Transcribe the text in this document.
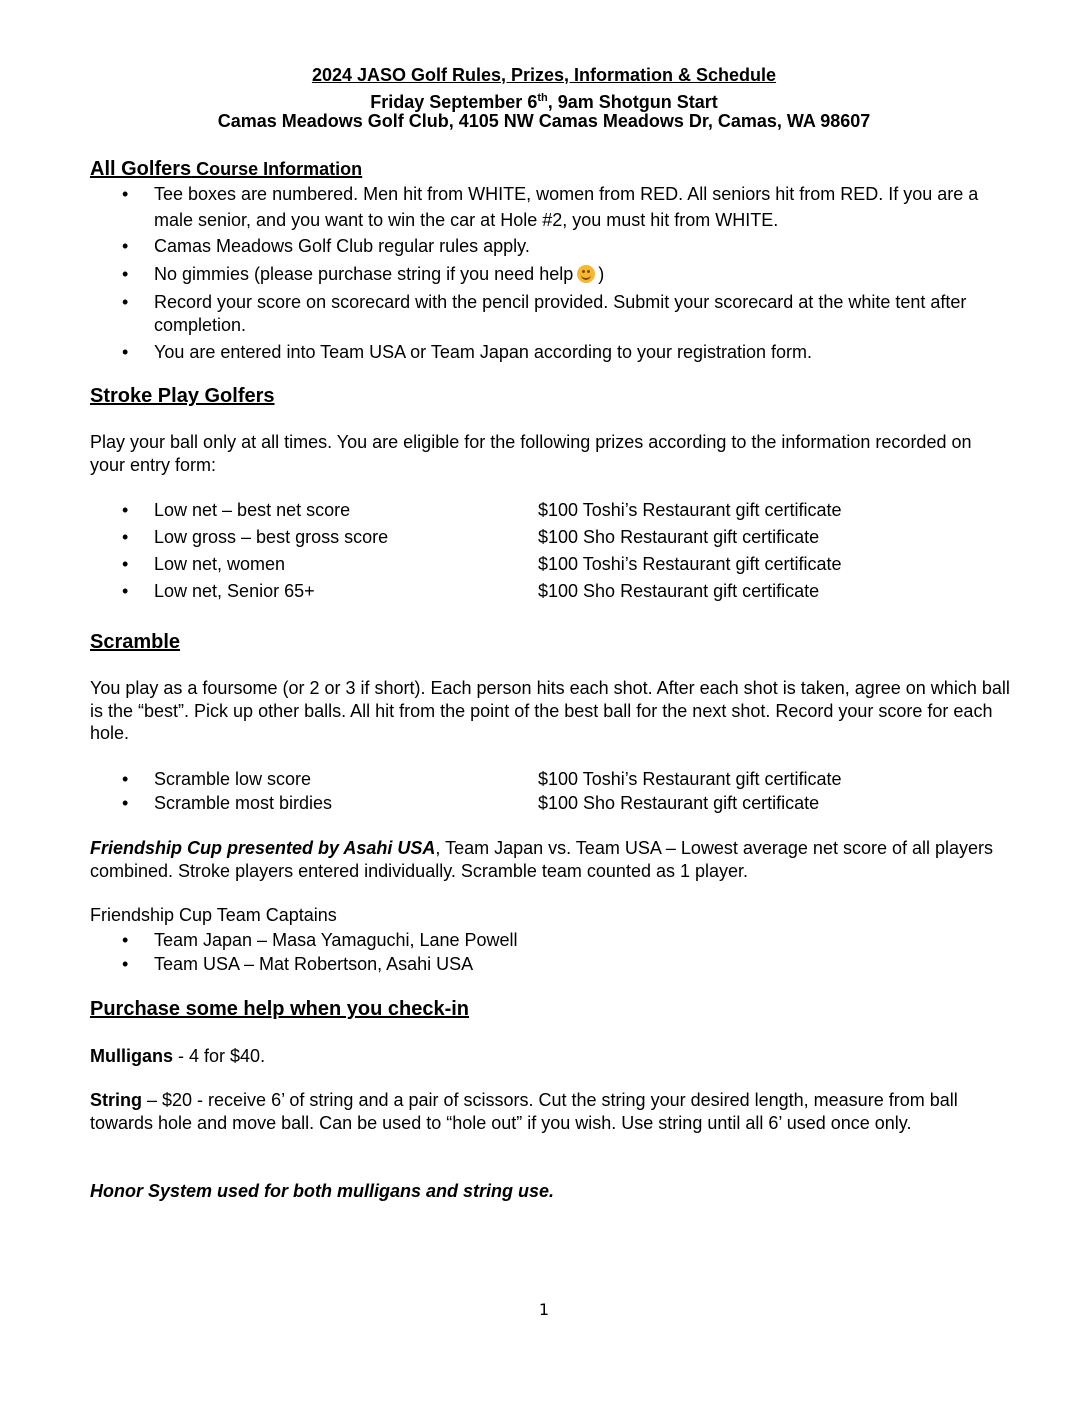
2024 JASO Golf Rules, Prizes, Information & Schedule
Friday September 6th, 9am Shotgun Start
Camas Meadows Golf Club, 4105 NW Camas Meadows Dr, Camas, WA 98607
All Golfers Course Information
• Tee boxes are numbered. Men hit from WHITE, women from RED. All seniors hit from RED. If you are a male senior, and you want to win the car at Hole #2, you must hit from WHITE.
• Camas Meadows Golf Club regular rules apply.
• No gimmies (please purchase string if you need help )
• Record your score on scorecard with the pencil provided. Submit your scorecard at the white tent after completion.
• You are entered into Team USA or Team Japan according to your registration form.
Stroke Play Golfers

Play your ball only at all times. You are eligible for the following prizes according to the information recorded on your entry form:

• Low net – best net score	$100 Toshi’s Restaurant gift certificate
• Low gross – best gross score	$100 Sho Restaurant gift certificate
• Low net, women	$100 Toshi’s Restaurant gift certificate
• Low net, Senior 65+	$100 Sho Restaurant gift certificate
Scramble

You play as a foursome (or 2 or 3 if short). Each person hits each shot. After each shot is taken, agree on which ball is the “best”. Pick up other balls. All hit from the point of the best ball for the next shot. Record your score for each hole.

• Scramble low score	$100 Toshi’s Restaurant gift certificate
• Scramble most birdies	$100 Sho Restaurant gift certificate

Friendship Cup presented by Asahi USA, Team Japan vs. Team USA – Lowest average net score of all players combined. Stroke players entered individually. Scramble team counted as 1 player.

Friendship Cup Team Captains

• Team Japan – Masa Yamaguchi, Lane Powell
• Team USA – Mat Robertson, Asahi USA
Purchase some help when you check-in

Mulligans - 4 for $40.

String – $20 - receive 6’ of string and a pair of scissors. Cut the string your desired length, measure from ball towards hole and move ball. Can be used to “hole out” if you wish. Use string until all 6’ used once only.

Honor System used for both mulligans and string use.

1
